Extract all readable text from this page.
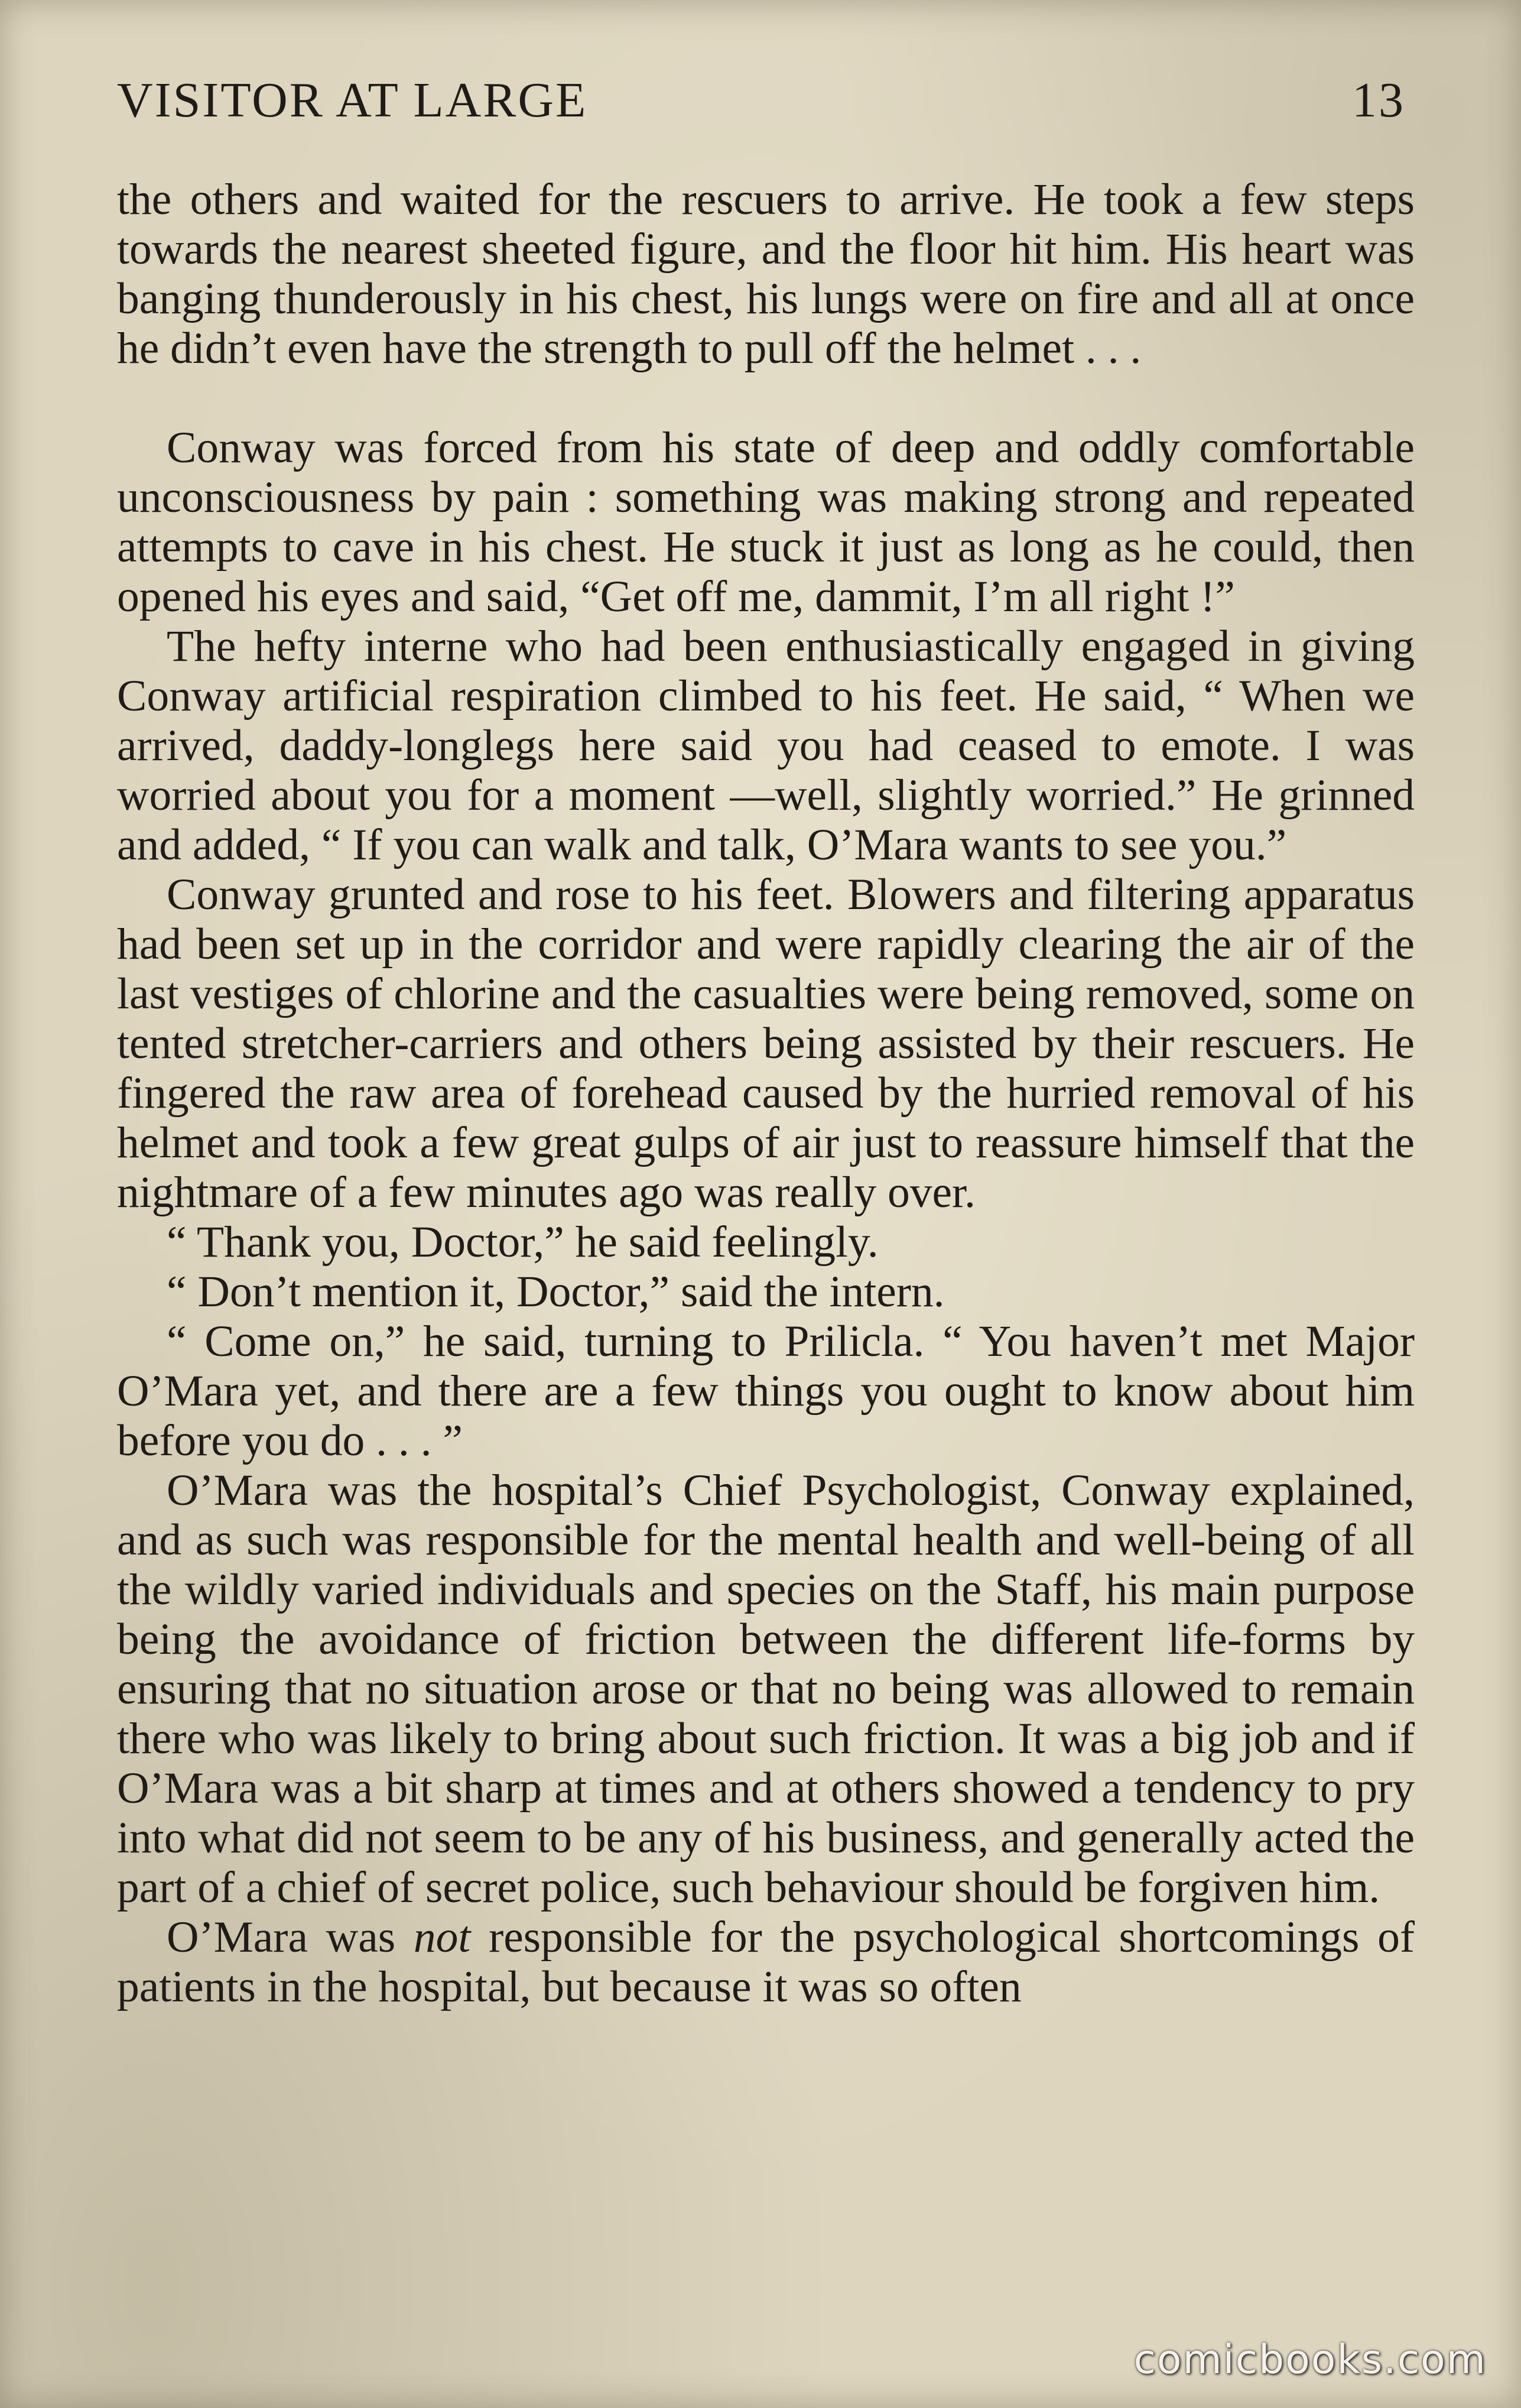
VISITOR AT LARGE	13

the others and waited for the rescuers to arrive. He took a few steps towards the nearest sheeted figure, and the floor hit him. His heart was banging thunderously in his chest, his lungs were on fire and all at once he didn’t even have the strength to pull off the helmet . . .

Conway was forced from his state of deep and oddly comfortable unconsciousness by pain : something was making strong and repeated attempts to cave in his chest. He stuck it just as long as he could, then opened his eyes and said, “Get off me, dammit, I’m all right !”

The hefty interne who had been enthusiastically engaged in giving Conway artificial respiration climbed to his feet. He said, “ When we arrived, daddy-longlegs here said you had ceased to emote. I was worried about you for a moment —well, slightly worried.” He grinned and added, “ If you can walk and talk, O’Mara wants to see you.”

Conway grunted and rose to his feet. Blowers and filtering apparatus had been set up in the corridor and were rapidly clearing the air of the last vestiges of chlorine and the casualties were being removed, some on tented stretcher-carriers and others being assisted by their rescuers. He fingered the raw area of forehead caused by the hurried removal of his helmet and took a few great gulps of air just to reassure himself that the nightmare of a few minutes ago was really over.

“ Thank you, Doctor,” he said feelingly.

“ Don’t mention it, Doctor,” said the intern.

“ Come on,” he said, turning to Prilicla. “ You haven’t met Major O’Mara yet, and there are a few things you ought to know about him before you do . . . ”

O’Mara was the hospital’s Chief Psychologist, Conway explained, and as such was responsible for the mental health and well-being of all the wildly varied individuals and species on the Staff, his main purpose being the avoidance of friction between the different life-forms by ensuring that no situation arose or that no being was allowed to remain there who was likely to bring about such friction. It was a big job and if O’Mara was a bit sharp at times and at others showed a tendency to pry into what did not seem to be any of his business, and generally acted the part of a chief of secret police, such behaviour should be forgiven him.

O’Mara was not responsible for the psychological shortcomings of patients in the hospital, but because it was so often

comicbooks.com
